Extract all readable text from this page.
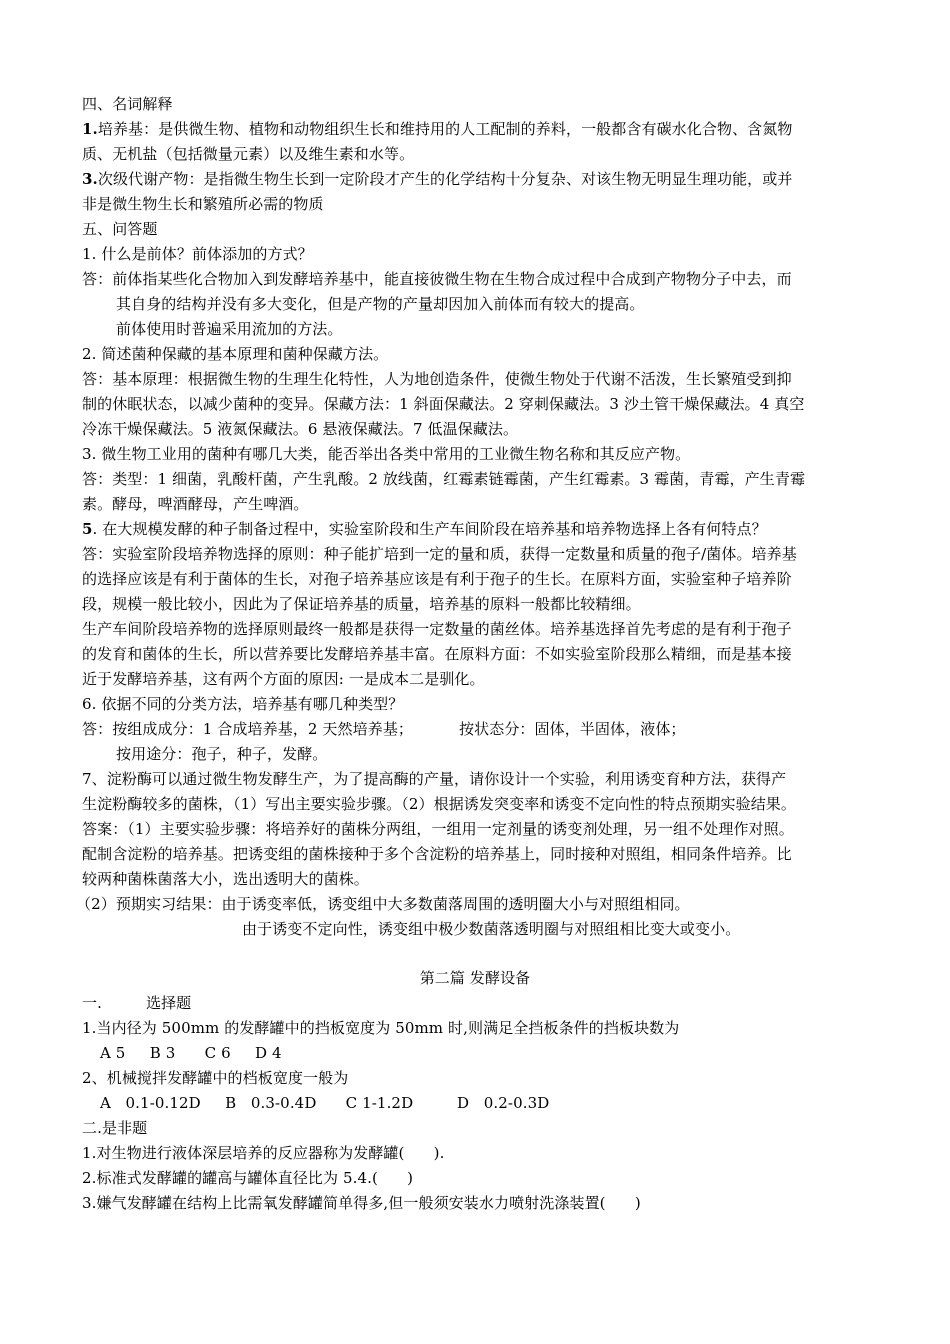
四、名词解释
1.培养基：是供微生物、植物和动物组织生长和维持用的人工配制的养料，一般都含有碳水化合物、含氮物
质、无机盐（包括微量元素）以及维生素和水等。
3.次级代谢产物：是指微生物生长到一定阶段才产生的化学结构十分复杂、对该生物无明显生理功能，或并
非是微生物生长和繁殖所必需的物质
五、问答题
1. 什么是前体？前体添加的方式？
答：前体指某些化合物加入到发酵培养基中，能直接彼微生物在生物合成过程中合成到产物物分子中去，而
其自身的结构并没有多大变化，但是产物的产量却因加入前体而有较大的提高。
前体使用时普遍采用流加的方法。
2. 简述菌种保藏的基本原理和菌种保藏方法。
答：基本原理：根据微生物的生理生化特性，人为地创造条件，使微生物处于代谢不活泼，生长繁殖受到抑
制的休眠状态，以减少菌种的变异。保藏方法：1 斜面保藏法。2 穿刺保藏法。3 沙土管干燥保藏法。4 真空
冷冻干燥保藏法。5 液氮保藏法。6 悬液保藏法。7 低温保藏法。
3. 微生物工业用的菌种有哪几大类，能否举出各类中常用的工业微生物名称和其反应产物。
答：类型：1 细菌，乳酸杆菌，产生乳酸。2 放线菌，红霉素链霉菌，产生红霉素。3 霉菌，青霉，产生青霉
素。酵母，啤酒酵母，产生啤酒。
5. 在大规模发酵的种子制备过程中，实验室阶段和生产车间阶段在培养基和培养物选择上各有何特点？
答：实验室阶段培养物选择的原则：种子能扩培到一定的量和质，获得一定数量和质量的孢子/菌体。培养基
的选择应该是有利于菌体的生长，对孢子培养基应该是有利于孢子的生长。在原料方面，实验室种子培养阶
段，规模一般比较小，因此为了保证培养基的质量，培养基的原料一般都比较精细。
生产车间阶段培养物的选择原则最终一般都是获得一定数量的菌丝体。培养基选择首先考虑的是有利于孢子
的发育和菌体的生长，所以营养要比发酵培养基丰富。在原料方面：不如实验室阶段那么精细，而是基本接
近于发酵培养基，这有两个方面的原因: 一是成本二是驯化。
6. 依据不同的分类方法，培养基有哪几种类型？
答：按组成成分：1 合成培养基，2 天然培养基；	按状态分：固体，半固体，液体；
按用途分：孢子，种子，发酵。
7、淀粉酶可以通过微生物发酵生产，为了提高酶的产量，请你设计一个实验，利用诱变育种方法，获得产
生淀粉酶较多的菌株，（1）写出主要实验步骤。（2）根据诱发突变率和诱变不定向性的特点预期实验结果。
答案：（1）主要实验步骤：将培养好的菌株分两组，一组用一定剂量的诱变剂处理，另一组不处理作对照。
配制含淀粉的培养基。把诱变组的菌株接种于多个含淀粉的培养基上，同时接种对照组，相同条件培养。比
较两种菌株菌落大小，选出透明大的菌株。
（2）预期实习结果：由于诱变率低，诱变组中大多数菌落周围的透明圈大小与对照组相同。
由于诱变不定向性，诱变组中极少数菌落透明圈与对照组相比变大或变小。
第二篇 发酵设备
一.	选择题
1.当内径为 500mm 的发酵罐中的挡板宽度为 50mm 时,则满足全挡板条件的挡板块数为
A 5     B 3      C 6     D 4
2、机械搅拌发酵罐中的档板宽度一般为
A   0.1-0.12D     B   0.3-0.4D      C 1-1.2D         D   0.2-0.3D
二.是非题
1.对生物进行液体深层培养的反应器称为发酵罐(      ).
2.标准式发酵罐的罐高与罐体直径比为 5.4.(      )
3.嫌气发酵罐在结构上比需氧发酵罐简单得多,但一般须安装水力喷射洗涤装置(      )
